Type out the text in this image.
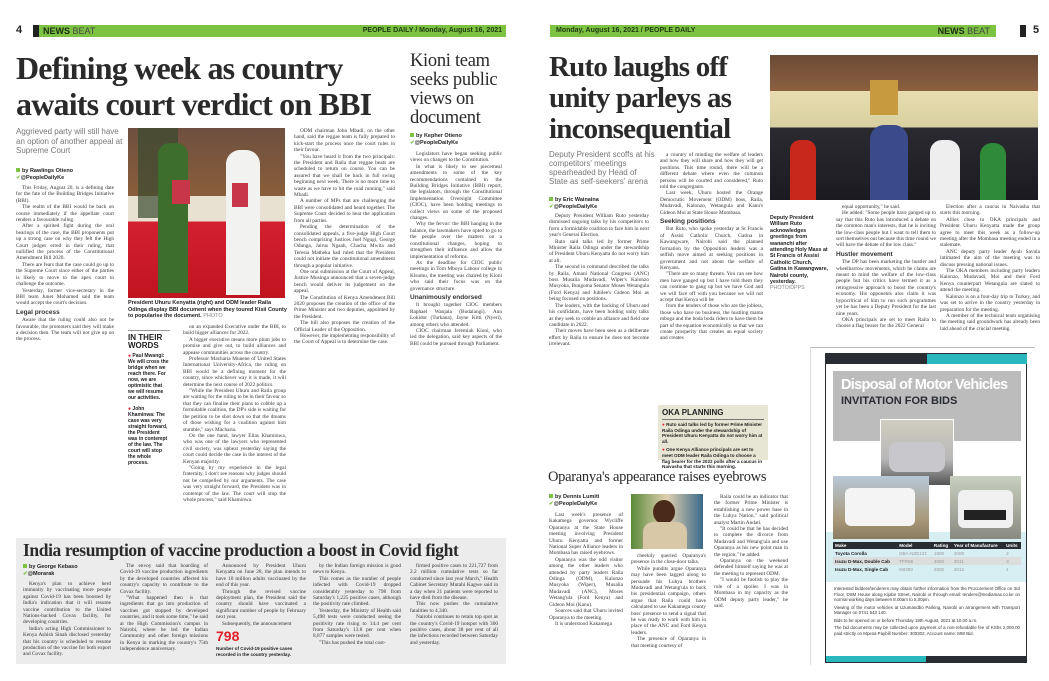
4	NEWS BEAT	PEOPLE DAILY / Monday, August 16, 2021
Defining week as country awaits court verdict on BBI
Kioni team seeks public views on document
Aggrieved party will still have an option of another appeal at Supreme Court
by Rawlings Otieno
✔@PeopleDailyKe

This Friday, August 20, is a defining date for the fate of the Building Bridges Initiative (BBI).

The realm of the BBI would be back on course immediately if the appellate court renders a favourable ruling.

After a spirited fight during the oral hearings of the case, the BBI proponents put up a strong case on why they felt the High Court judges erred in their ruling, that nullified the process of the Constitutional Amendment Bill 2020.

There are fears that the case could go up to the Supreme Court since either of the parties is likely to move to the apex court to challenge the outcome.

Yesterday, former vice-secretary in the BBI team Junet Mohamed said the team would accept the court's decision.

Legal process

Aware that the ruling could also not be favourable, the promoters said they will make a decision then. The team will not give up on the process.

President Uhuru Kenyatta (right) and ODM leader Raila Odinga display BBI document when they toured Kisii County to popularise the document. PHOTO
IN THEIR WORDS
● Paul Mwangi: We will cross the bridge when we reach there. For now, we are optimistic that we will resume our activities.
● John Khaminwa: The case was very straight forward, the President was in contempt of the law. The court will stop the whole process.

on an expanded Executive under the BBI, to build bigger alliances for 2022.

A bigger executive means more plum jobs to promise and give out, to build alliances and appease communities across the country.

Professor Macharia Munene of United States International University-Africa, the ruling on BBI would be a defining moment for the country, since whichever way it is made, it will determine the next course of 2022 politics.

"While the President Uhuru and Raila group are waiting for the ruling to be in their favour so that they can finalise their plans to cobble up a formidable coalition, the DP's side is waiting for the petition to be shot down so that the dreams of those wishing for a coalition against him stumble," says Macharia.

On the one hand, lawyer Elias Khaminwa, who was one of the lawyers who represented civil society, was upbeat yesterday saying the court could decide the case in the interest of the Kenyan majority.

"Going by my experience in the legal fraternity, I don't see reasons why judges should not be compelled by our arguments. The case was very straight forward, the President was in contempt of the law. The court will stop the whole process," said Khaminwa.

ODM chairman John Mbadi, on the other hand, said the reggae team is fully prepared to kick-start the process once the court rules in their favour.

"You have heard it from the two principals: the President and Raila that reggae beats are scheduled to return on course. You can be assured that we shall be back in full swing beginning next week. There is no more time to waste as we have to hit the road running," said Mbadi.

A number of MPs that are challenging the BBI were consolidated and heard together. The Supreme Court decided to hear the application from all parties.

Pending the determination of the consolidated appeals, a five-judge High Court bench comprising Justices Joel Ngugi, George Odunga, Jairus Ngaah, Chacha Mwita and Teresia Matheka had ruled that the President could not initiate the constitutional amendment through a popular initiative.

One oral submission at the Court of Appeal, Justice Musinga announced that a seven-judge bench would deliver its judgement on the appeal.

The Constitution of Kenya Amendment Bill 2020 proposes the creation of the office of the Prime Minister and two deputies, appointed by the President.

The bill also proposes the creation of the Official Leader of the Opposition.

However, the implementing responsibility of the Court of Appeal is to determine the case.

by Kepher Otieno
✔@PeopleDailyKe

Legislators have began seeking public views on changes to the Constitution.

In what is likely to see piecemeal amendments to some of the key recommendations contained in the Building Bridges Initiative (BBI) report, the legislators, through the Constitutional Implementation Oversight Committee (CIOC), have been holding meetings to collect views on some of the proposed changes.

Why the fervor: the BBI hanging in the balance, the lawmakers have opted to go to the people over the matters on a constitutional changes, hoping to strengthen their influence and allow the implementation of reforms.

As the deadline for CIOC public meetings in Tom Mboya Labour college in Kisumu, the meeting was chaired by Kioni who said their focus was on the governance structure.

Unanimously endorsed

It brought together CIOC members Raphael Wanjala (Budalangi), Ann Lokidor (Turkana), Jayne Kitti (Nyeri), among others who attended.

CIOC chairman Jeremiah Kioni, who led the delegation, said key aspects of the BBI could be pursued through Parliament.

India resumption of vaccine production a boost in Covid fight
by George Kebaso
✔@Morarak

Kenya's plan to achieve herd immunity by vaccinating more people against Covid-19 has been boosted by India's indication that it will resume vaccine contribution to the United Nations-backed Covax facility, for developing countries.

India's acting High Commissioner to Kenya Ashish Sinah disclosed yesterday that his country is scheduled to resume production of the vaccine for both export and Covax facility.

The envoy said that hoarding of Covid-19 vaccine production ingredients by the developed countries affected his country's capacity to contribute to the Covax facility.

"What happened then is that ingredients that go into production of vaccines got stopped by developed countries, and it took some time," he said at the High Commission's campus in Nairobi, where he led the Indian Community and other foreign missions in Kenya in marking the country's 75th independence anniversary.

Announced by President Uhuru Kenyatta on June 28, the plan intends to have 10 million adults vaccinated by the end of this year.

Through the revised vaccine deployment plan, the President said the country should have vaccinated a significant number of people by February next year.

Subsequently, the announcement

798
Number of Covid-19 positive cases recorded in the country yesterday.

by the Indian foreign mission is good news to Kenya.

This comes as the number of people infected with Covid-19 dropped considerably yesterday to 798 from Saturday's 1,225 positive cases, although the positivity rate climbed.

Yesterday, the Ministry of Health said 5,498 tests were conducted seeing the positivity rate rising to 14.4 per cent from Saturday's 13.8 per cent when 8,877 samples were tested.

"This has pushed the total cost-

firmed positive cases to 221,727 from 2.2 million cumulative tests so far conducted since last year March," Health Cabinet Secretary Mutahi Kagwe said in a day when 21 patients were reported to have died from the disease.

This now pushes the cumulative fatalities to 4,340.

Nairobi continues to retain top spot as the country's Covid-19 hotspot with 300 positive cases, about 38 per cent of all the infections recorded between Saturday and yesterday.

Monday, August 16, 2021 / PEOPLE DAILY	NEWS BEAT	5
Ruto laughs off unity parleys as inconsequential
Deputy President scoffs at his competitors' meetings spearheaded by Head of State as self-seekers' arena
by Eric Wainaina
✔@PeopleDailyKe

Deputy President William Ruto yesterday dismissed ongoing talks by his competitors to form a formidable coalition to face him in next year's General Election.

Ruto said talks led by former Prime Minister Raila Odinga under the stewardship of President Uhuru Kenyatta do not worry him at all.

The second in command described the talks by Raila, Amani National Congress (ANC) boss Musalia Mudavadi, Wiper's Kalonzo Musyoka, Bungoma Senator Moses Wetangula (Ford Kenya) and Jubilee's Gideon Moi as being focused on positions.

The leaders, with the backing of Uhuru and his confidants, have been holding unity talks as they seek to cobble an alliance and field one candidate in 2022.

Their moves have been seen as a deliberate effort by Raila to ensure he does not become irrelevant.

a country of minding the welfare of leaders and how they will share and how they will get positions. This time round, there will be a different debate where even the common persons will be courted and considered," Ruto told the congregants.

Last week, Uhuru hosted the Orange Democratic Movement (ODM) boss, Raila, Mudavadi, Kalonzo, Wetangula and Kanu's Gideon Moi at State House Mombasa.

Seeking positions

But Ruto, who spoke yesterday at St Francis of Assisi Catholic Church, Gatina in Kawangware, Nairobi said the planned formation by the Opposition leaders was a selfish move aimed at seeking positions in government and not about the welfare of Kenyans.

"There are so many threats. You can see how men have ganged up but I have told them they can continue to gang up but we have God and we will face off with you because we will not accept that Kenya will be

from the tenders of those who are the jobless, those who have no business, the hustling mama mboga and the boda boda riders to have them be part of the equation economically so that we can create prosperity that creates an equal society and creates

OKA PLANNING
● Ruto said talks led by former Prime Minister Raila Odinga under the stewardship of President Uhuru Kenyatta do not worry him at all.
● One Kenya Alliance principals are set to meet ODM leader Raila Odinga to choose a flag bearer for the 2022 polls after a caucus in Naivasha that starts this morning.
Deputy President William Ruto acknowledges greetings from wananchi after attending Holy Mass at St Francis of Assisi Catholic Church, Gatina in Kawangware, Nairobi county, yesterday. PHOTO/DPPS

equal opportunity," he said.

He added: "Some people have ganged up to say that this Ruto has introduced a debate on the common man's interests, that he is inciting the low-class people but I want to tell them to sort themselves out because this time round we will have the debate of the low class."

Hustler movement

The DP has been marketing the hustler and wheelbarrow movements, which he claims are meant to mind the welfare of the low-class people but his critics have termed it as a retrogressive approach to boost the country's economy. His opponents also claim it was hypocritical of him to run such programmes yet he has been a Deputy President for the last nine years.

OKA principals are set to meet Raila to choose a flag bearer for the 2022 General

Election after a caucus in Naivasha that starts this morning.

Allies close to OKA principals and President Uhuru Kenyatta made the group agree to meet this week as a follow-up meeting after the Mombasa meeting ended in a stalemate.

ANC deputy party leader Ayub Savula intimated the aim of the meeting was to discuss pressing national issues.

The OKA members including party leaders Kalonzo, Mudavadi, Moi and their Ford Kenya counterpart Wetangula are slated to attend the meeting.

Kalonzo is on a four-day trip to Turkey, and was set to arrive in the country yesterday in preparation for the meeting.

A member of the technical team organising the meeting said groundwork has already been laid ahead of the crucial meeting.

Oparanya's appearance raises eyebrows
by Dennis Lumiti
✔@PeopleDailyKe

Last week's presence of Kakamega governor Wycliffe Oparanya at the State House meeting involving President Uhuru Kenyatta and former National Super Alliance leaders in Mombasa has raised eyebrows.

Oparanya was the odd visitor among the other leaders who attended by party leaders Raila Odinga (ODM), Kalonzo Musyoka (Wiper), Musalia Mudavadi (ANC), Moses Wetang'ula (Ford Kenya) and Gideon Moi (Kanu).

Sources said that Uhuru invited Oparanya to the meeting.

It is understood Kakamega

cheekily queried Oparanya's presence in the close-door talks.

While pundits argue Oparanya may have been tagged along to persuade his Luhya brothers Mudavadi and Wetang'ula to back his presidential campaign, others argue that Raila could have calculated to use Kakamega county boss' presence to send a signal that he was ready to work with him in place of the ANC and Ford Kenya leaders.

The presence of Oparanya in that meeting courtesy of

Raila could be an indicator that the former Prime Minister is establishing a new power base in the Luhya Nation," said political analyst Martin Andati.

"It could be that he has decided to complete the divorce from Mudavadi and Wetang'ula and use Oparanya as his new point man in the region," he added.

Oparanya on the weekend defended himself saying he was at the meeting to represent ODM.

"I would be foolish to play the role of a spoiler. I was in Mombasa in my capacity as the ODM deputy party leader," he said.

Disposal of Motor Vehicles
INVITATION FOR BIDS
Make	Model	Rating	Year of Manufacture	Units
Toyota Corolla	DBA-NZE121	1500	2005	2
Isuzu D-Max, Double Cab	TFR86	3000	2011	3
Isuzu D-Max, Single Cab	KB250	2500	2012	1

Interested bidders/tenderers may obtain further information from the Procurement Office on 3rd Floor, DSM House along Kijabe Street, Nairobi or through email: tenders@mediamax.co.ke on normal working days between 8.00am to 5.00pm.

Viewing of the motor vehicles at Uzumandbo Parking, Nairobi on arrangement with Transport Manager on 0741 543 140.

Bids to be opened on or before Thursday 19th August, 2021 at 10.00 a.m.

The bid documents may be collected upon payment of a non-refundable fee of KShs 2,000.00 paid strictly on Mpesa Paybill Number: 300302, Account name: MW Bid.
